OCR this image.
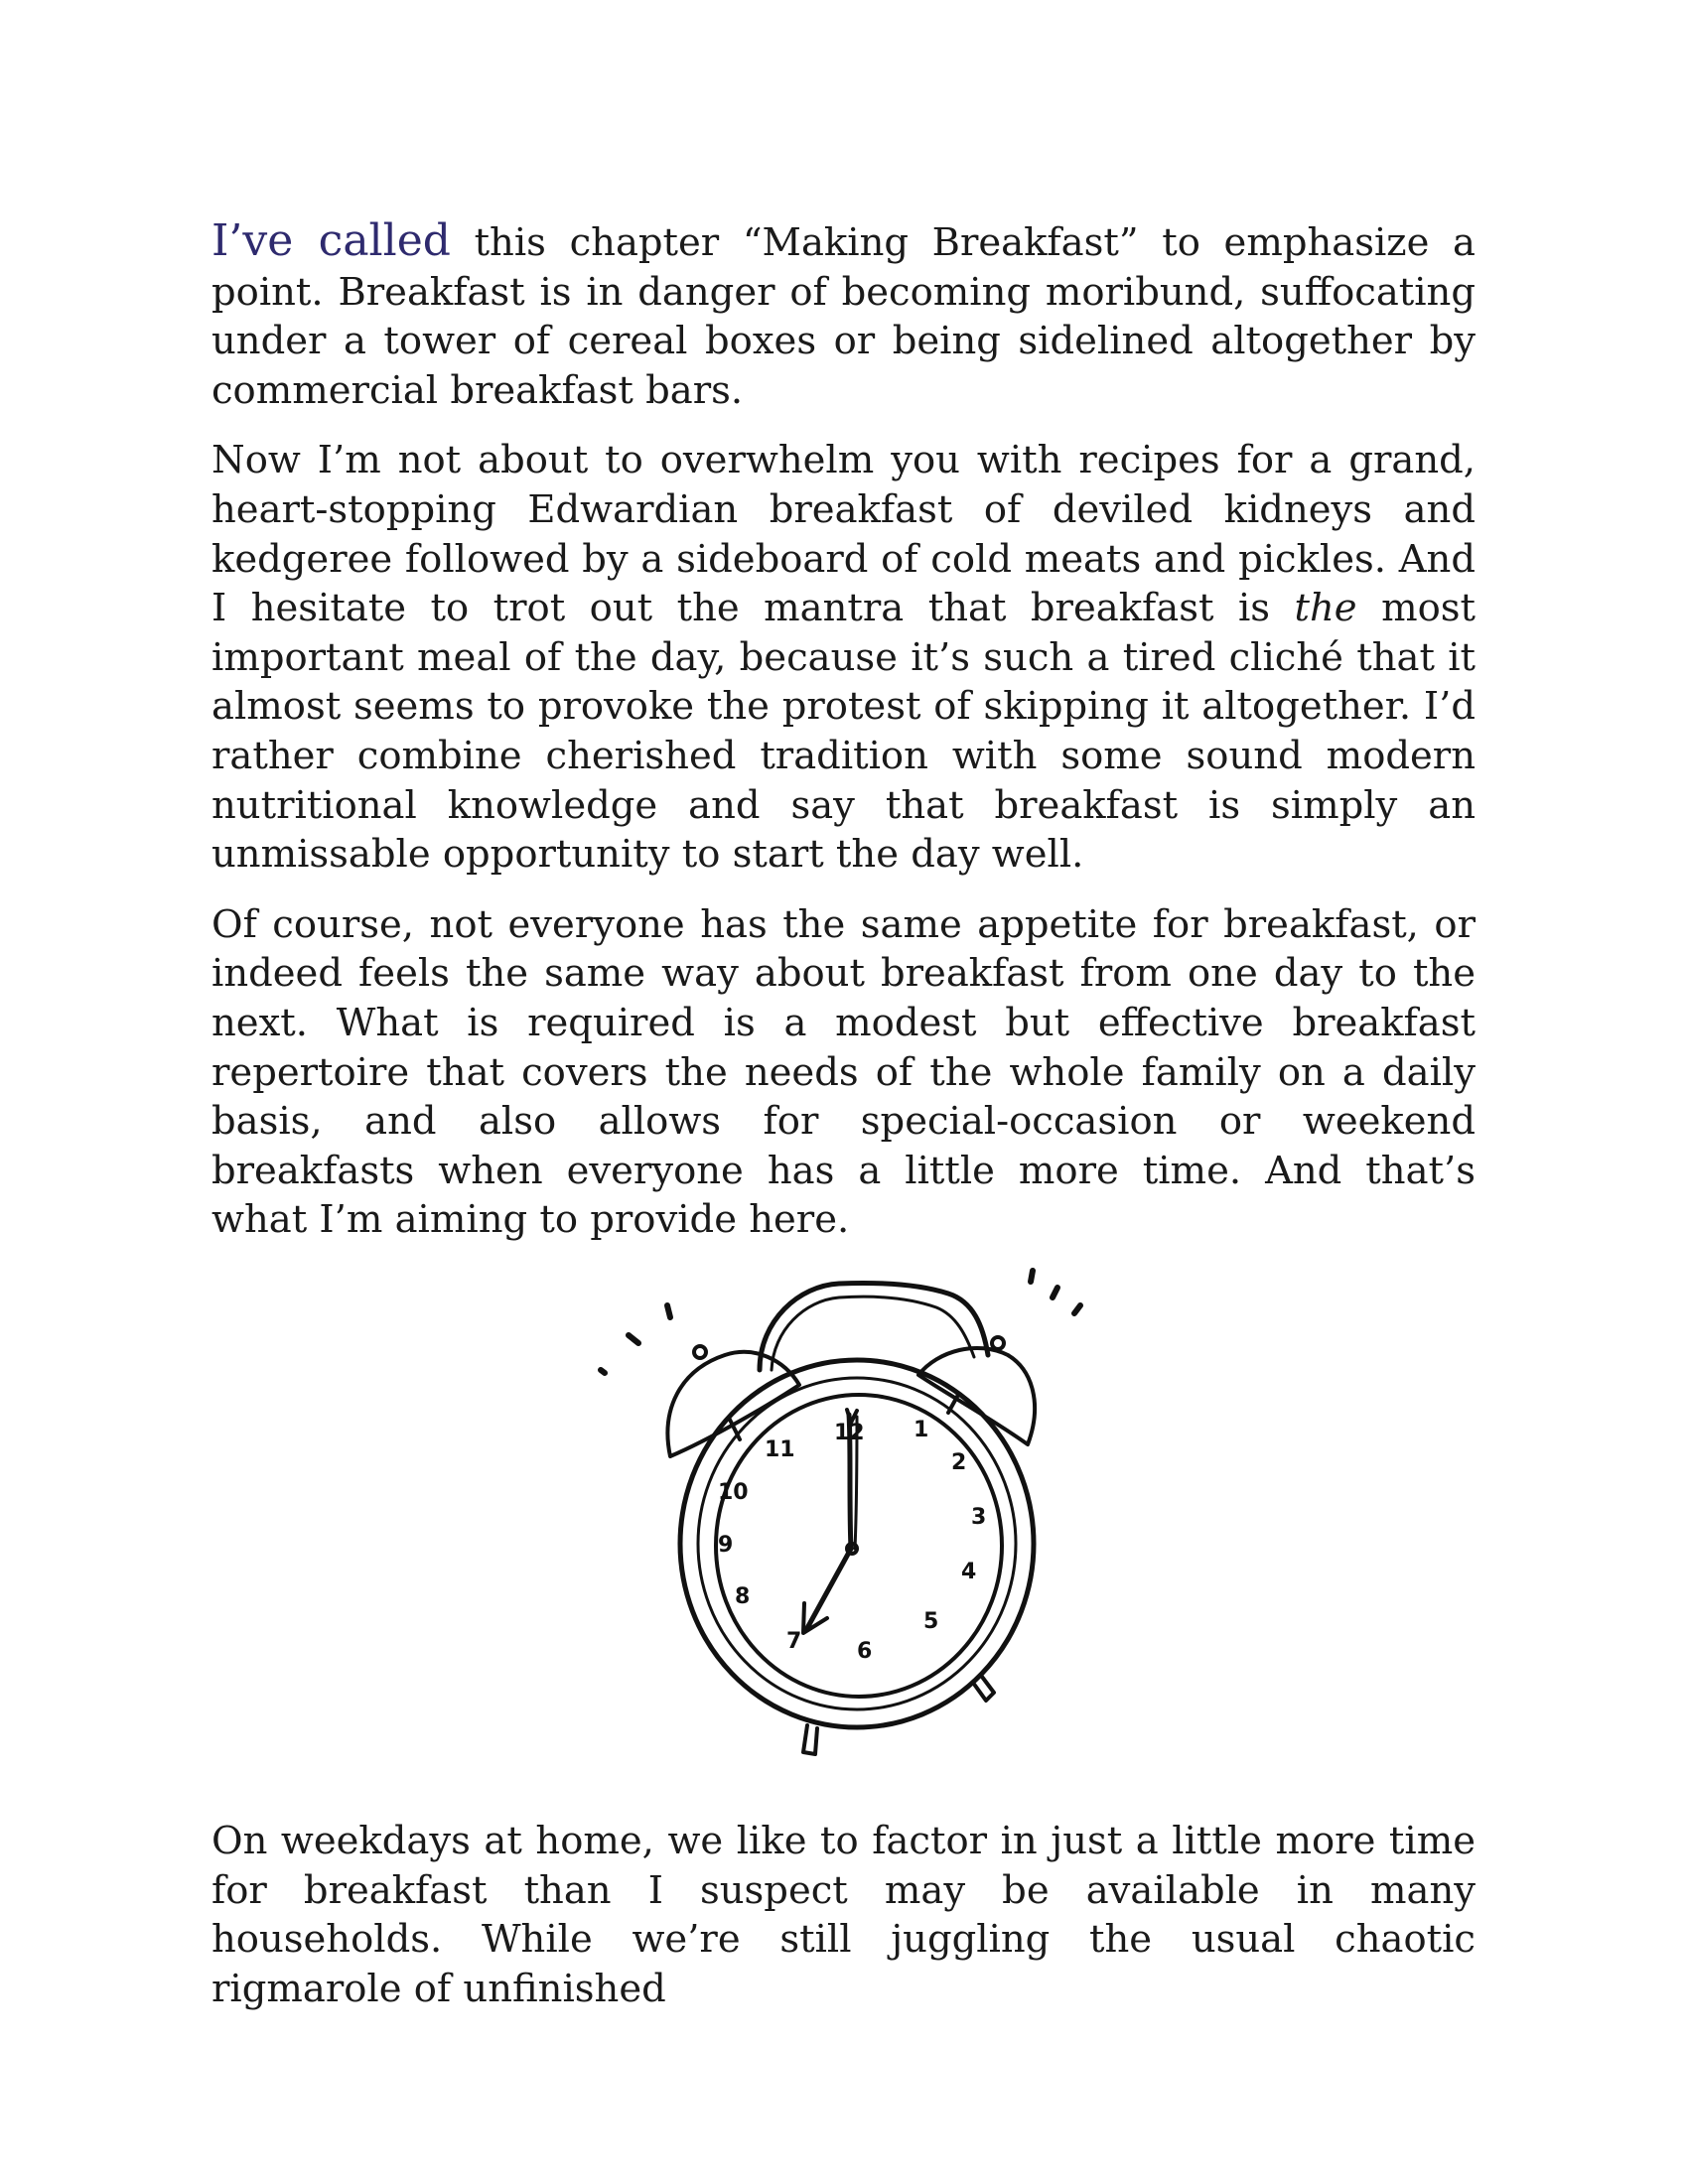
I’ve called this chapter “Making Breakfast” to emphasize a point. Breakfast is in danger of becoming moribund, suffocating under a tower of cereal boxes or being sidelined altogether by commercial breakfast bars.

Now I’m not about to overwhelm you with recipes for a grand, heart-stopping Edwardian breakfast of deviled kidneys and kedgeree followed by a sideboard of cold meats and pickles. And I hesitate to trot out the mantra that breakfast is the most important meal of the day, because it’s such a tired cliché that it almost seems to provoke the protest of skipping it altogether. I’d rather combine cherished tradition with some sound modern nutritional knowledge and say that breakfast is simply an unmissable opportunity to start the day well.

Of course, not everyone has the same appetite for breakfast, or indeed feels the same way about breakfast from one day to the next. What is required is a modest but effective breakfast repertoire that covers the needs of the whole family on a daily basis, and also allows for special-occasion or weekend breakfasts when everyone has a little more time. And that’s what I’m aiming to provide here.

12 1
2
3
4
5
6
7
8
9
10
11

On weekdays at home, we like to factor in just a little more time for breakfast than I suspect may be available in many households. While we’re still juggling the usual chaotic rigmarole of unfinished
